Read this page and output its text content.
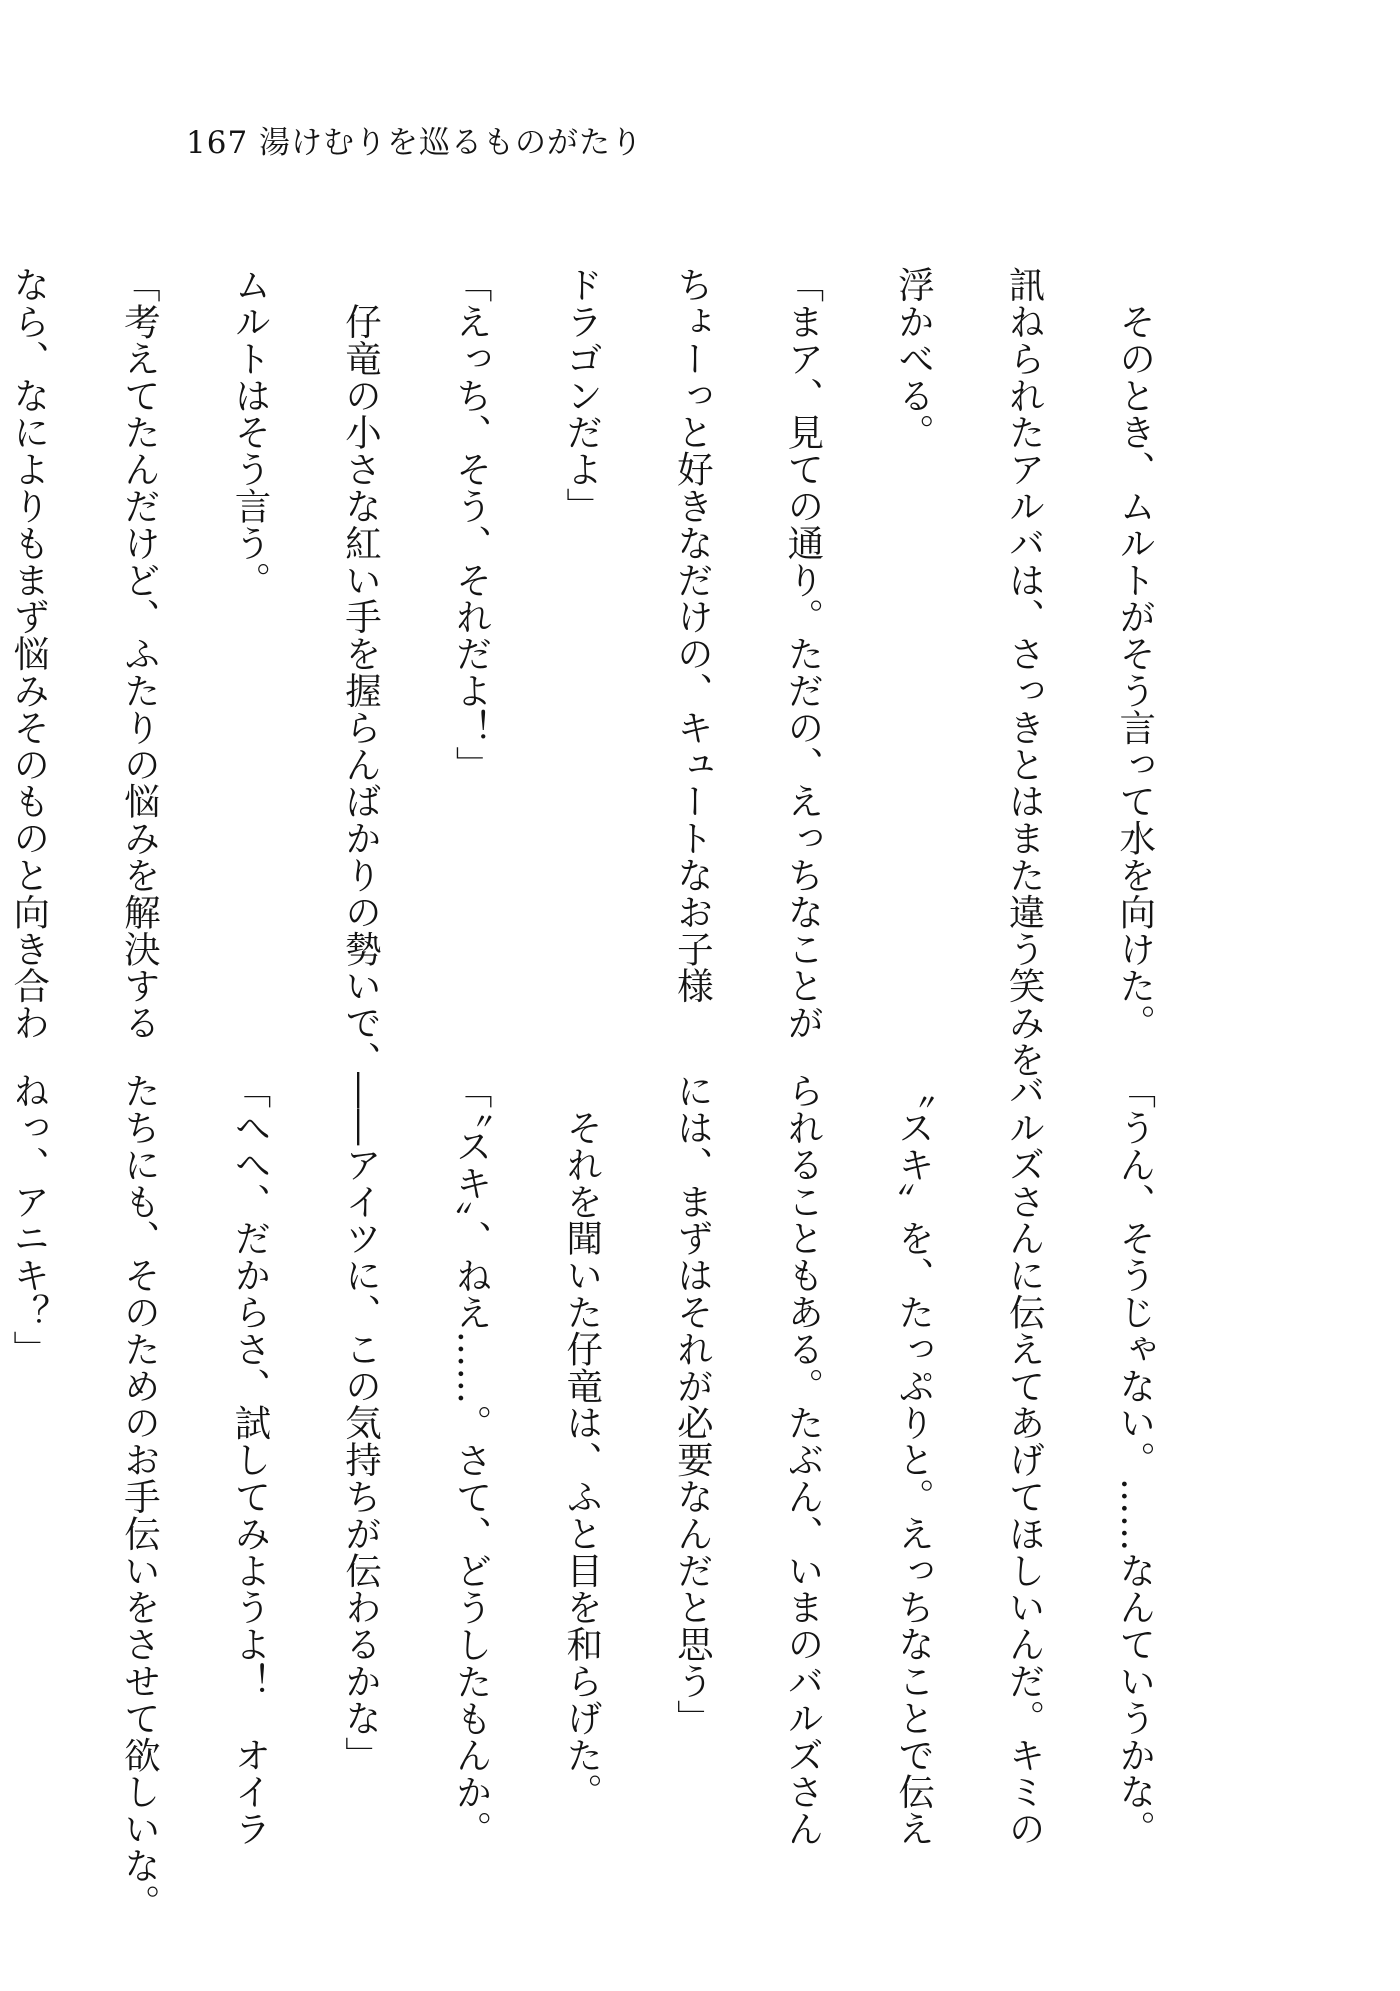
167 湯けむりを巡るものがたり

　そのとき、ムルトがそう言って水を向けた。

訊ねられたアルバは、さっきとはまた違う笑みを

浮かべる。

「まア、見ての通り。ただの、えっちなことが

ちょーっと好きなだけの、キュートなお子様

ドラゴンだよ」

「えっち、そう、それだよ！」

　仔竜の小さな紅い手を握らんばかりの勢いで、

ムルトはそう言う。

「考えてたんだけど、ふたりの悩みを解決する

なら、なによりもまず悩みそのものと向き合わ

「うん、そうじゃない。……なんていうかな。

バルズさんに伝えてあげてほしいんだ。キミの

〝スキ〟を、たっぷりと。えっちなことで伝え

られることもある。たぶん、いまのバルズさん

には、まずはそれが必要なんだと思う」

　それを聞いた仔竜は、ふと目を和らげた。

「〝スキ〟、ねえ……。さて、どうしたもんか。

――アイツに、この気持ちが伝わるかな」

「へへ、だからさ、試してみようよ！　オイラ

たちにも、そのためのお手伝いをさせて欲しいな。

ねっ、アニキ？」
